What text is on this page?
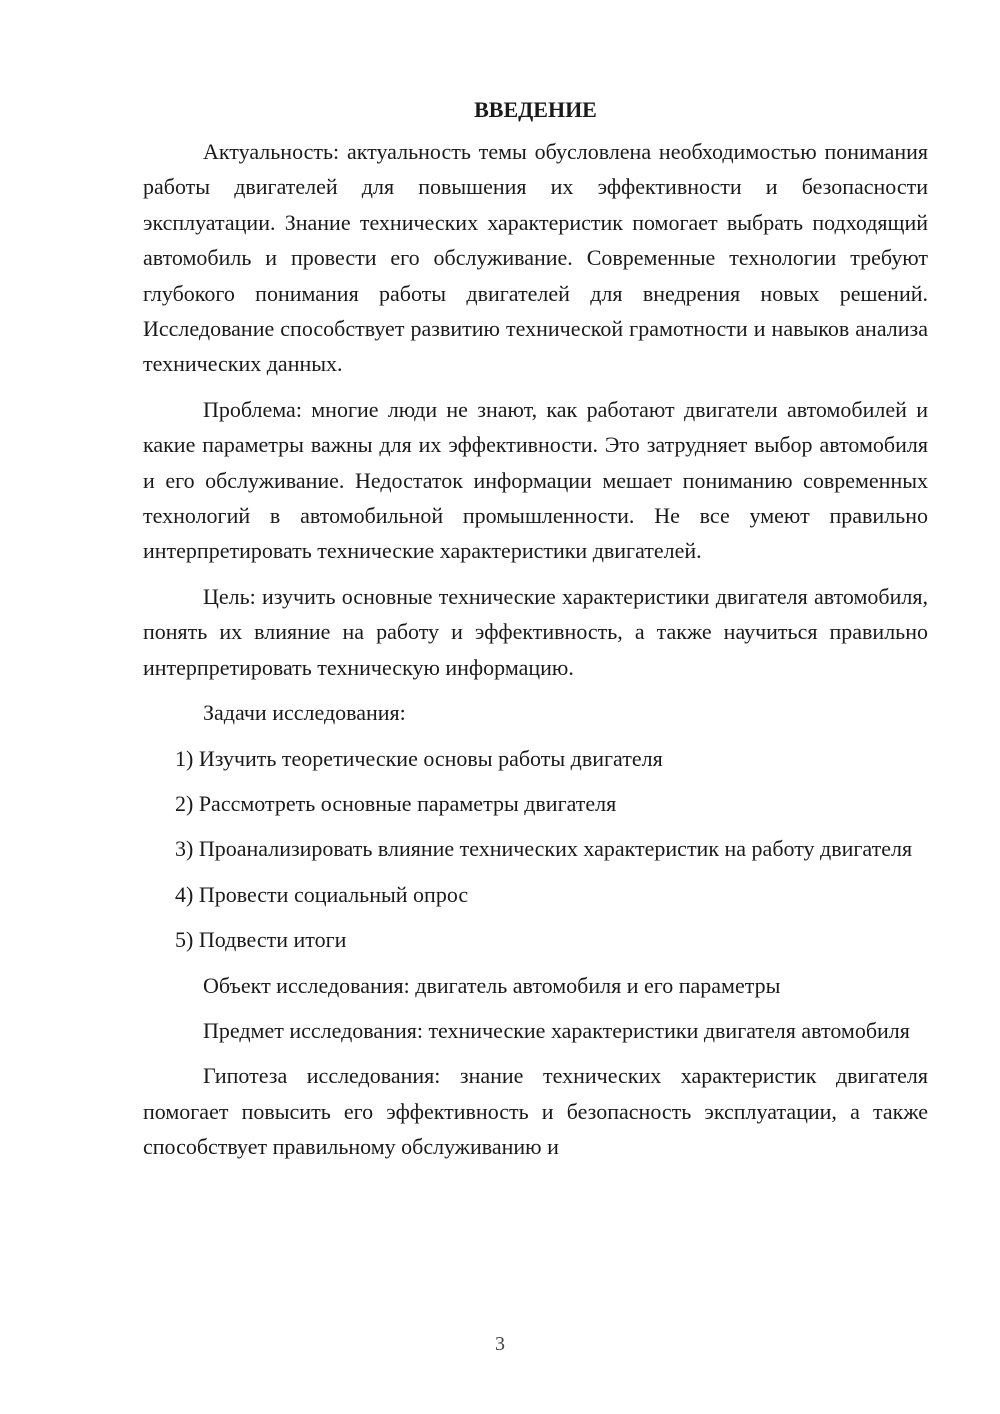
ВВЕДЕНИЕ

Актуальность: актуальность темы обусловлена необходимостью понимания работы двигателей для повышения их эффективности и безопасности эксплуатации. Знание технических характеристик помогает выбрать подходящий автомобиль и провести его обслуживание. Современные технологии требуют глубокого понимания работы двигателей для внедрения новых решений. Исследование способствует развитию технической грамотности и навыков анализа технических данных.

Проблема: многие люди не знают, как работают двигатели автомобилей и какие параметры важны для их эффективности. Это затрудняет выбор автомобиля и его обслуживание. Недостаток информации мешает пониманию современных технологий в автомобильной промышленности. Не все умеют правильно интерпретировать технические характеристики двигателей.

Цель: изучить основные технические характеристики двигателя автомобиля, понять их влияние на работу и эффективность, а также научиться правильно интерпретировать техническую информацию.

Задачи исследования:

1) Изучить теоретические основы работы двигателя

2) Рассмотреть основные параметры двигателя

3) Проанализировать влияние технических характеристик на работу двигателя

4) Провести социальный опрос

5) Подвести итоги

Объект исследования: двигатель автомобиля и его параметры

Предмет исследования: технические характеристики двигателя автомобиля

Гипотеза исследования: знание технических характеристик двигателя помогает повысить его эффективность и безопасность эксплуатации, а также способствует правильному обслуживанию и

3
